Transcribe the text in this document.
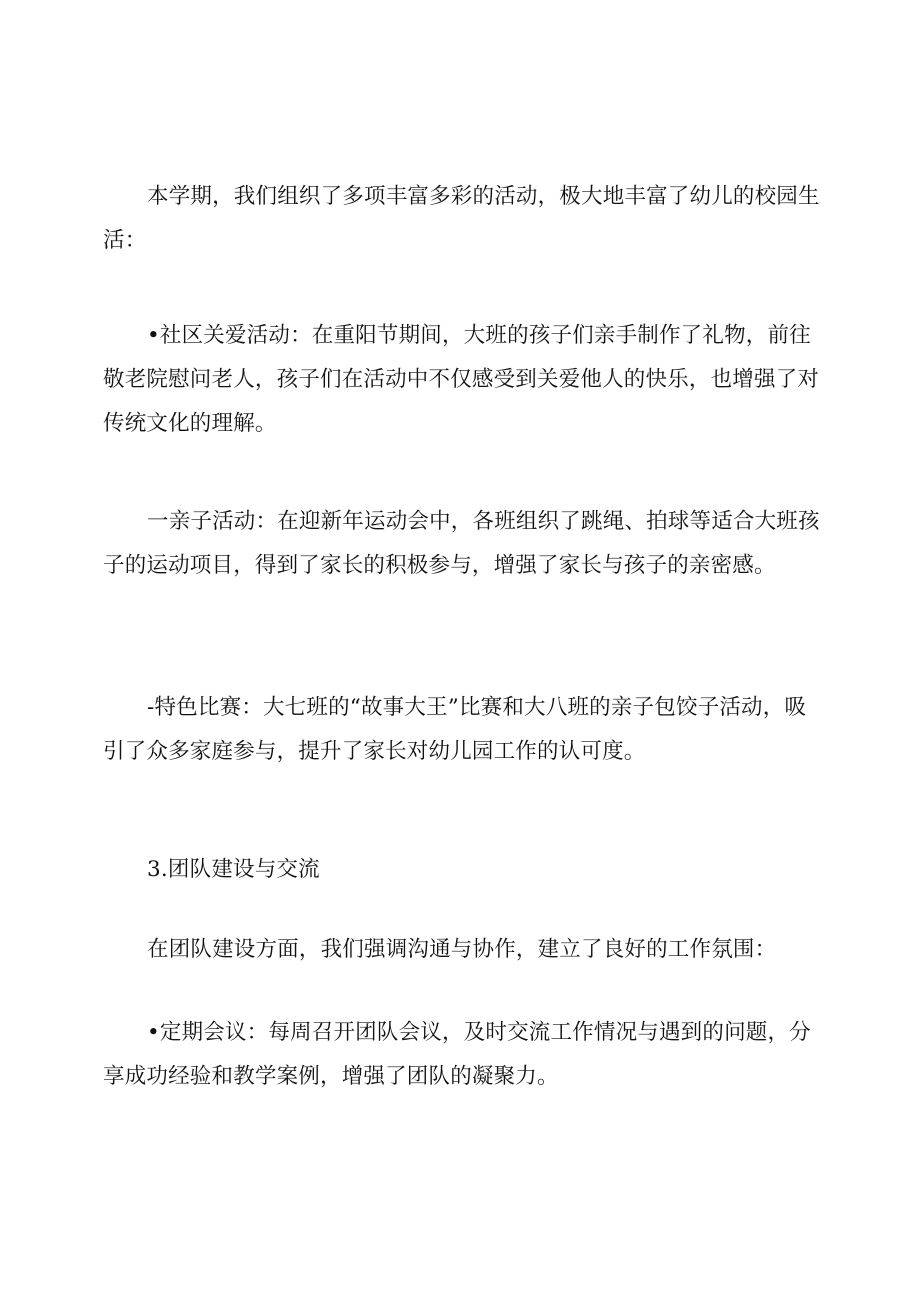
本学期，我们组织了多项丰富多彩的活动，极大地丰富了幼儿的校园生活：

•社区关爱活动：在重阳节期间，大班的孩子们亲手制作了礼物，前往敬老院慰问老人，孩子们在活动中不仅感受到关爱他人的快乐，也增强了对传统文化的理解。

一亲子活动：在迎新年运动会中，各班组织了跳绳、拍球等适合大班孩子的运动项目，得到了家长的积极参与，增强了家长与孩子的亲密感。

-特色比赛：大七班的“故事大王”比赛和大八班的亲子包饺子活动，吸引了众多家庭参与，提升了家长对幼儿园工作的认可度。

3.团队建设与交流

在团队建设方面，我们强调沟通与协作，建立了良好的工作氛围：

•定期会议：每周召开团队会议，及时交流工作情况与遇到的问题，分享成功经验和教学案例，增强了团队的凝聚力。
